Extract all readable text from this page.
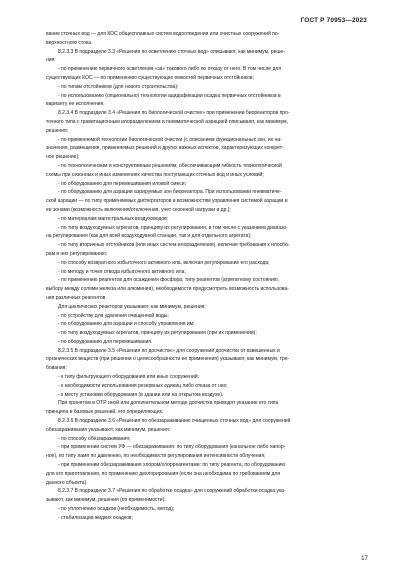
ГОСТ Р 70953—2023
вание сточных вод — для КОС общесплавных систем водоотведения или очистных сооружений по-
верхностного стока.
8.2.3.3 В подразделе 3.3 «Решения по осветлению сточных вод» описывают, как минимум, реше-
ния:
- по применению первичного осветления «за» такового либо по отказу от него. В том числе для
существующих КОС — по применению существующих емкостей первичных отстойников;
- по типам отстойников (для нового строительства);
- по использованию (опционально) технологии ацидофикации осадка первичных отстойников в
варианту ее исполнения.
8.2.3.4 В подразделе 3.4 «Решения по биологической очистке» при применении биореакторов про-
точного типа с гравитационным илоразделением и пневматической аэрацией описывают, как минимум,
решения:
- по применяемой технологии биологической очистки (с описанием функциональных зон, их на-
значения, размещения, применяемых решений и других важных аспектов, характеризующих конкрет-
ное решение);
- по технологическим и конструктивным решениям, обеспечивающим гибкость технологической
схемы при сезонных и иных изменениях качества поступающих сточных вод и иных условий;
- по оборудованию для перемешивания иловой смеси;
- по оборудованию для аэрации аэрируемых зон биореактора. При использовании пневматиче-
ской аэрации — по типу применяемых диспергаторов и возможностям управления системой аэрации и
ее зонами (возможность включения/отключения, учет сезонной нагрузки и др.);
- по материалам магистральных воздуховодов;
- по типу воздуходувных агрегатов, принципу их регулирования, в том числе с указанием диапазо-
на регулирования (как для всей воздуходувной станции, так и для отдельного агрегата);
- по типу вторичных отстойников (или иных систем илоразделения), включая требования к илосбо-
рам в них регулированию;
- по способу возвратного избыточного активного ила, включая регулирование его расхода;
- по методу и точке отвода избыточного активного ила;
- по применению реагентов для осаждения фосфора, типу реагентов (агрегатному состоянию,
выбору между солями железа или алюминия), необходимости предусмотреть возможность использова-
ния различных реагентов.
Для циклических реакторов указывают, как минимум, решения:
- по устройству для удаления очищенной воды;
- по оборудованию для аэрации и способу управления им;
- по типу воздуходувных агрегатов, принципу их регулирования (при их применении);
- по оборудованию для перемешивания.
8.2.3.5 В подразделе 3.5 «Решения по доочистке» для сооружений доочистки от взвешенных и
органических веществ (при решении о целесообразности ее применения) указывают, как минимум, тре-
бования:
- к типу фильтрующего оборудования или иных сооружений;
- к необходимости использования резервных единиц либо отказа от них;
- к месту установки оборудования (в здании или на открытом воздухе).
При принятом в ОТР иной или дополнительном методе доочистки приводят указание его типа
принципа и базовых решений, его определяющих.
8.2.3.6 В подразделе 3.6 «Решения по обеззараживанию очищенных сточных вод» для сооружений
обеззараживания указывают, как минимум, решения:
- по способу обеззараживания;
- при применении систем УФ — обеззараживания: по типу оборудования (канальное либо напор-
ное), по типу ламп по давлению, по необходимости регулирования интенсивности облучения;
- при применении обеззараживания хлором/хлорреагентами: по типу реагента, по оборудованию
для его приготовления, по применению дехлорирования (если она необходима по требованиям для
данного объекта).
8.2.3.7 В подразделе 3.7 «Решения по обработке осадка» для сооружений обработки осадка ука-
зывают, как минимум, решения (по применимости):
- по уплотнению осадков (необходимость, метод);
- стабилизации жидких осадков;
17
